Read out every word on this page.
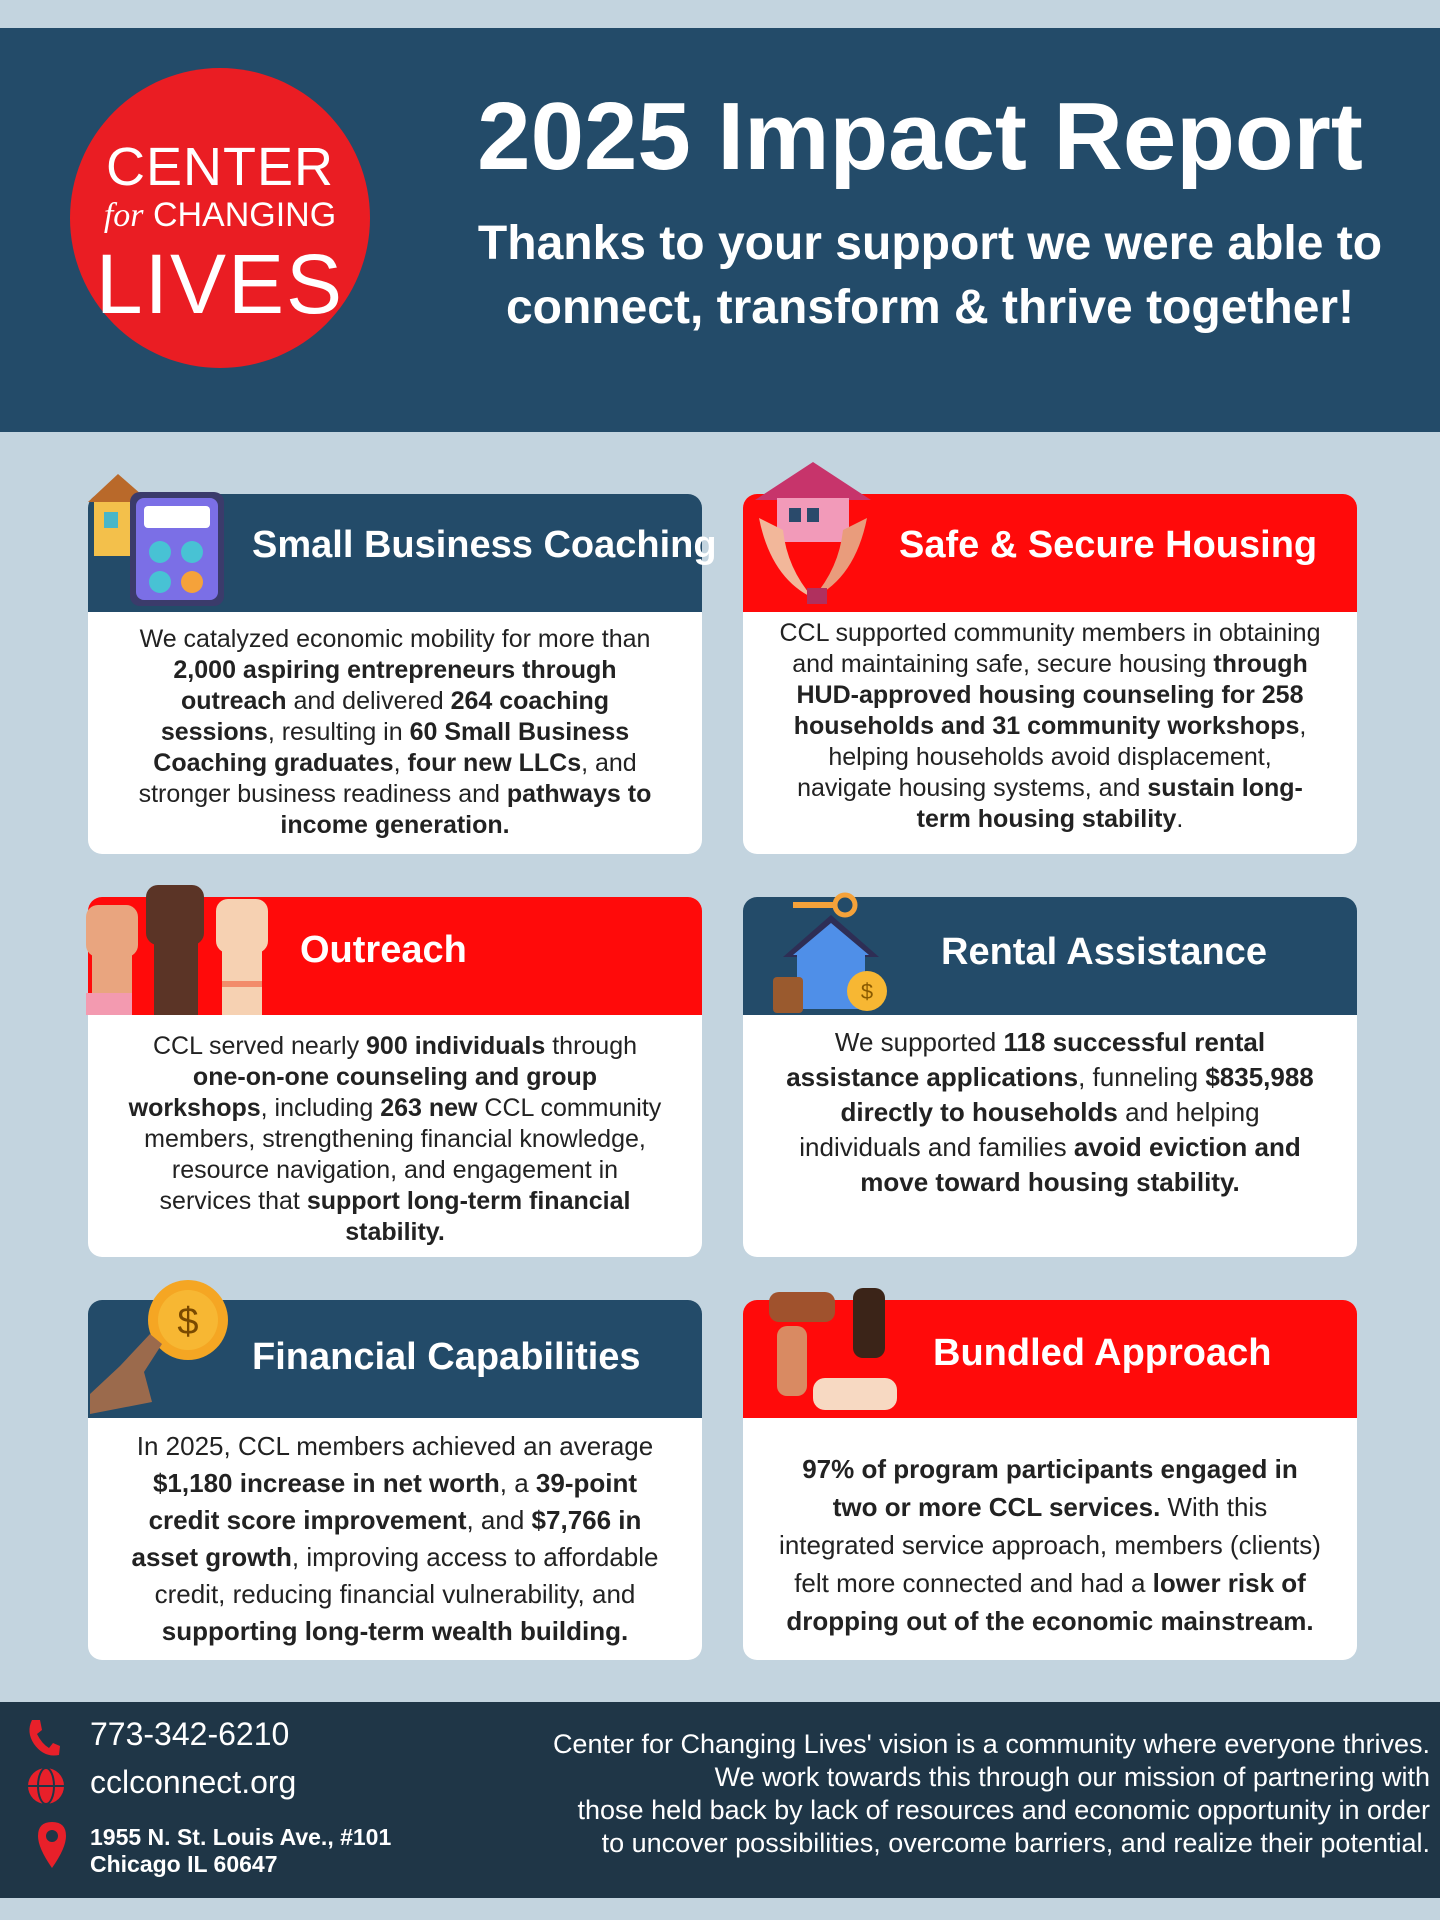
CENTER
for CHANGING
LIVES
2025 Impact Report
Thanks to your support we were able to
connect, transform & thrive together!
Small Business Coaching
We catalyzed economic mobility for more than 2,000 aspiring entrepreneurs through outreach and delivered 264 coaching sessions, resulting in 60 Small Business Coaching graduates, four new LLCs, and stronger business readiness and pathways to income generation.
Safe & Secure Housing
CCL supported community members in obtaining and maintaining safe, secure housing through HUD-approved housing counseling for 258 households and 31 community workshops, helping households avoid displacement, navigate housing systems, and sustain long-term housing stability.
Outreach
CCL served nearly 900 individuals through one-on-one counseling and group workshops, including 263 new CCL community members, strengthening financial knowledge, resource navigation, and engagement in services that support long-term financial stability.
Rental Assistance
$
We supported 118 successful rental assistance applications, funneling $835,988 directly to households and helping individuals and families avoid eviction and move toward housing stability.
Financial Capabilities
$
In 2025, CCL members achieved an average $1,180 increase in net worth, a 39-point credit score improvement, and $7,766 in asset growth, improving access to affordable credit, reducing financial vulnerability, and supporting long-term wealth building.
Bundled Approach
97% of program participants engaged in two or more CCL services. With this integrated service approach, members (clients) felt more connected and had a lower risk of dropping out of the economic mainstream.
773-342-6210
cclconnect.org
1955 N. St. Louis Ave., #101
Chicago IL 60647
Center for Changing Lives' vision is a community where everyone thrives.
We work towards this through our mission of partnering with
those held back by lack of resources and economic opportunity in order
to uncover possibilities, overcome barriers, and realize their potential.
